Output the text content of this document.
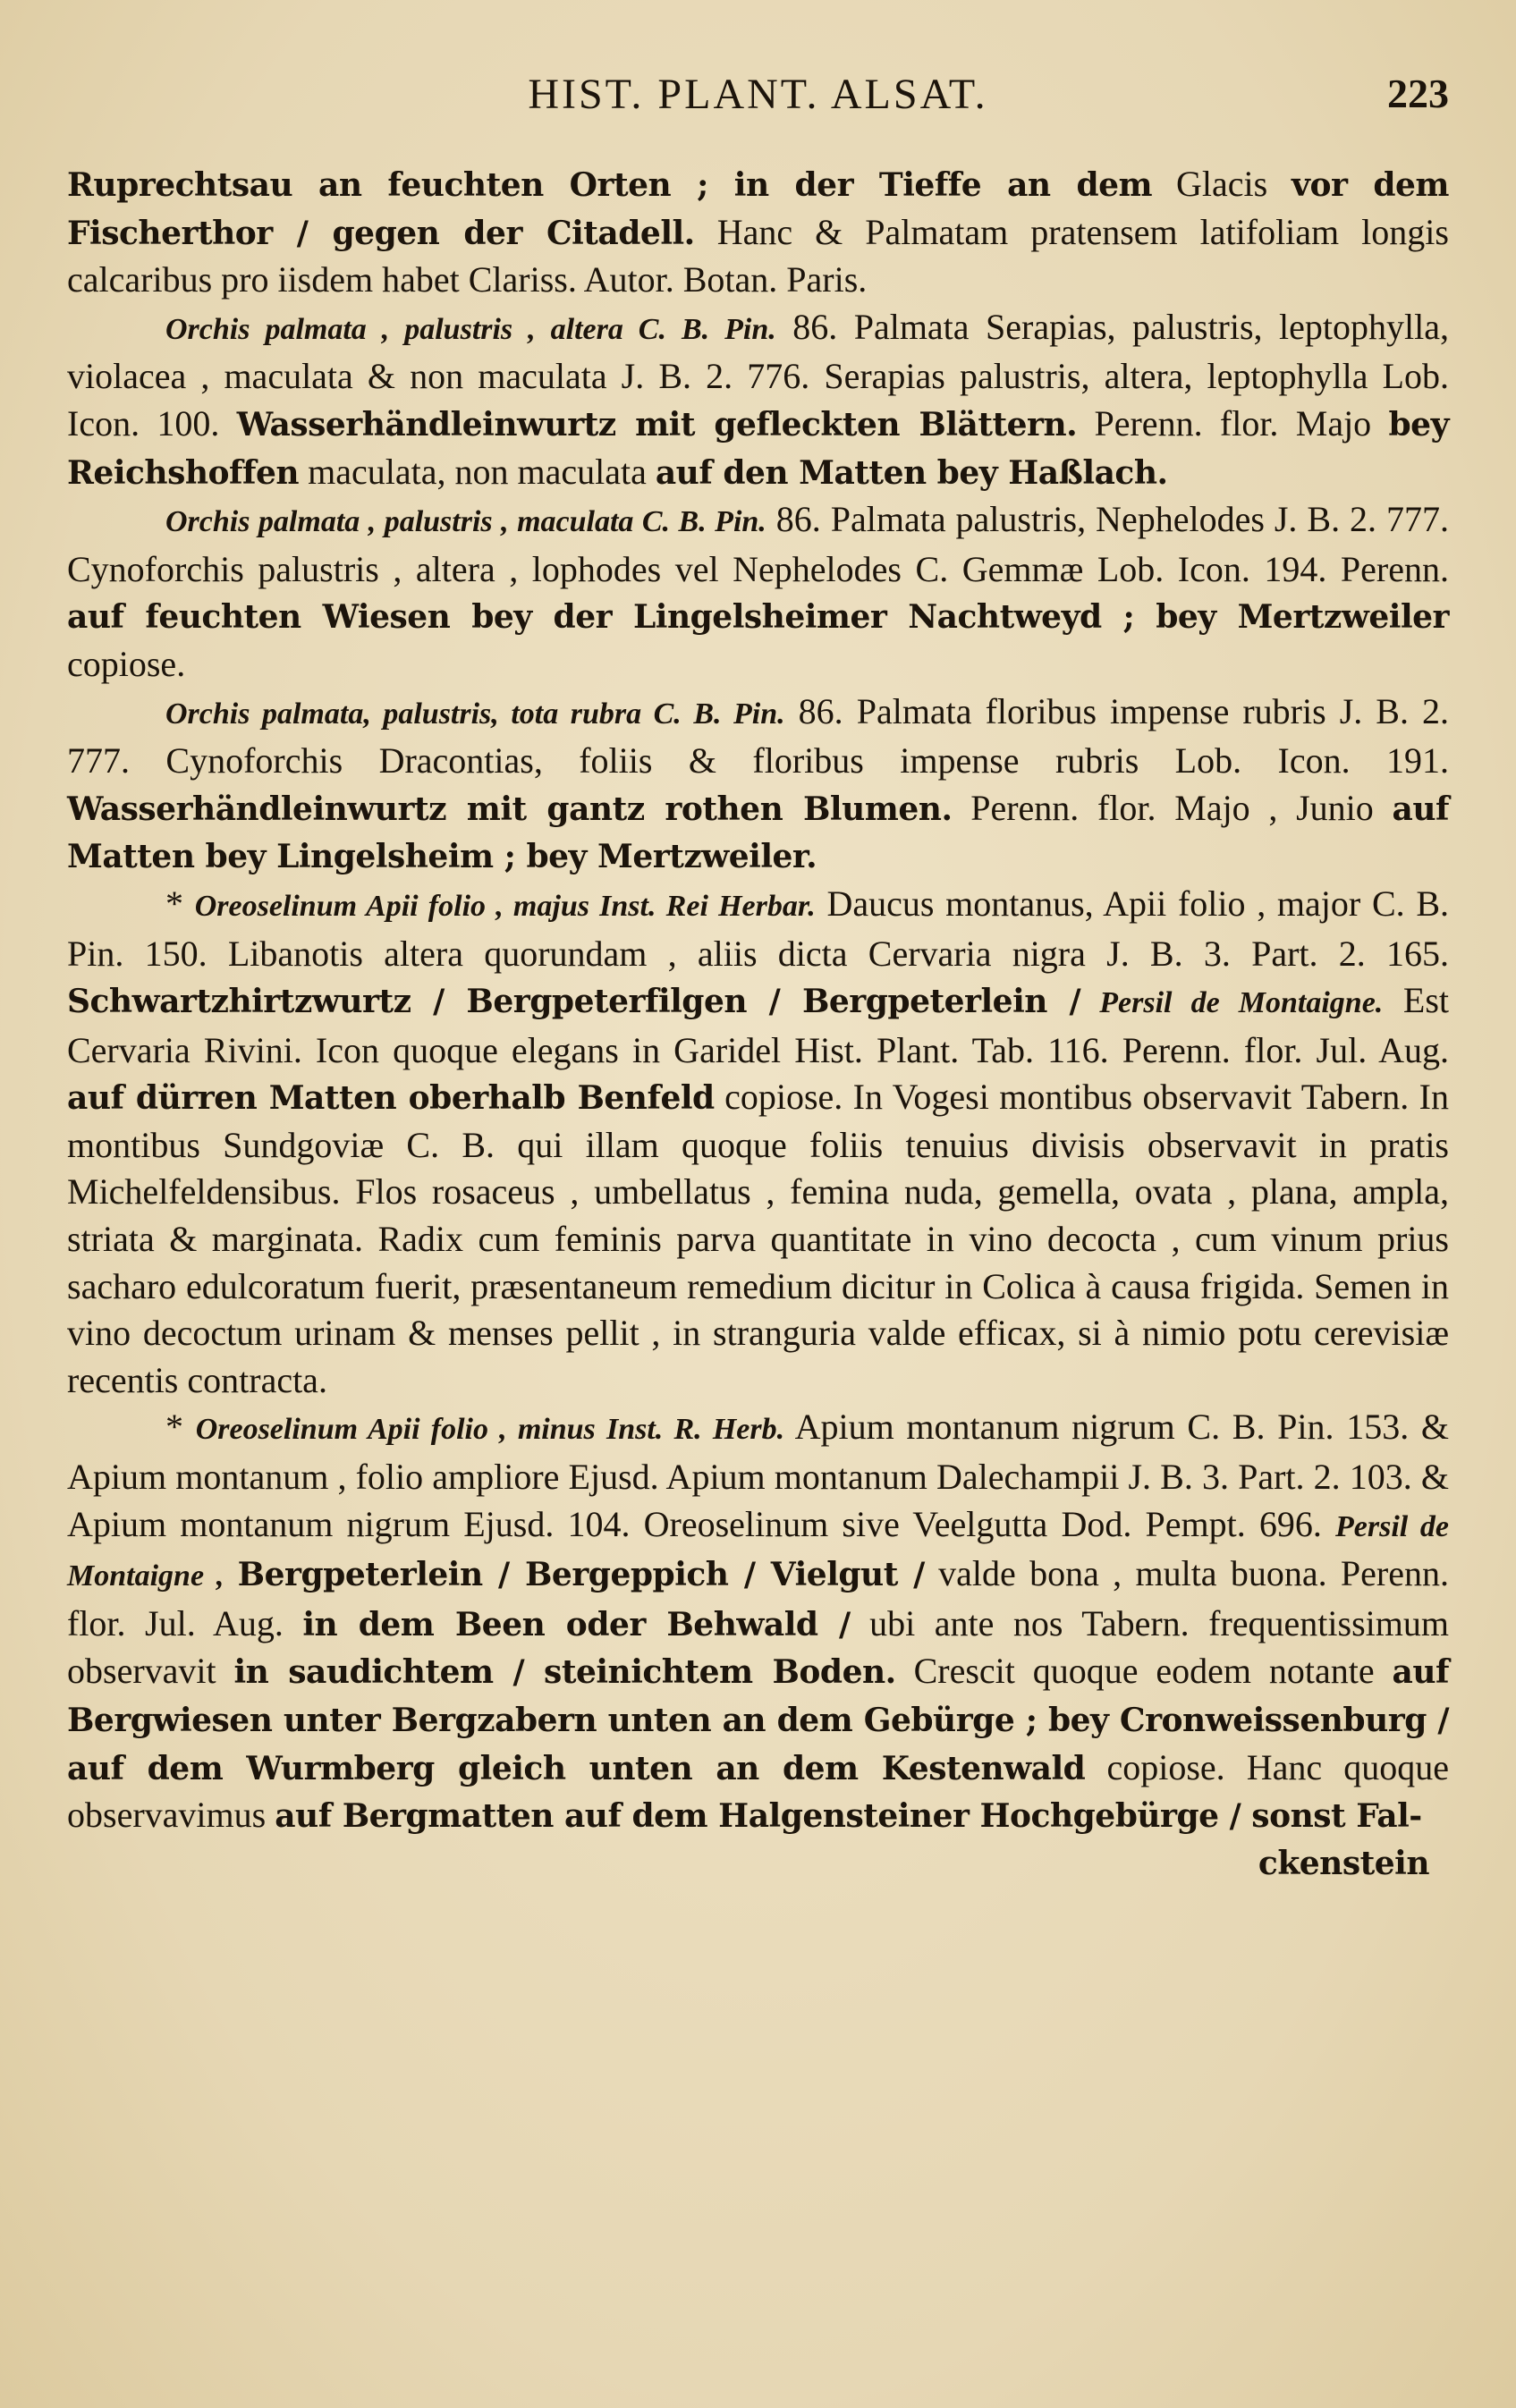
HIST. PLANT. ALSAT.	223

Ruprechtsau an feuchten Orten ; in der Tieffe an dem Glacis vor dem Fischerthor / gegen der Citadell. Hanc & Palmatam pratensem latifoliam longis calcaribus pro iisdem habet Clariss. Autor. Botan. Paris.

Orchis palmata , palustris , altera C. B. Pin. 86. Palmata Serapias, palustris, leptophylla, violacea , maculata & non maculata J. B. 2. 776. Serapias palustris, altera, leptophylla Lob. Icon. 100. Wasserhändleinwurtz mit gefleckten Blättern. Perenn. flor. Majo bey Reichshoffen maculata, non maculata auf den Matten bey Haßlach.

Orchis palmata , palustris , maculata C. B. Pin. 86. Palmata palustris, Nephelodes J. B. 2. 777. Cynoforchis palustris , altera , lophodes vel Nephelodes C. Gemmæ Lob. Icon. 194. Perenn. auf feuchten Wiesen bey der Lingelsheimer Nachtweyd ; bey Mertzweiler copiose.

Orchis palmata, palustris, tota rubra C. B. Pin. 86. Palmata floribus impense rubris J. B. 2. 777. Cynoforchis Dracontias, foliis & floribus impense rubris Lob. Icon. 191. Wasserhändleinwurtz mit gantz rothen Blumen. Perenn. flor. Majo , Junio auf Matten bey Lingelsheim ; bey Mertzweiler.

* Oreoselinum Apii folio , majus Inst. Rei Herbar. Daucus montanus, Apii folio , major C. B. Pin. 150. Libanotis altera quorundam , aliis dicta Cervaria nigra J. B. 3. Part. 2. 165. Schwartzhirtzwurtz / Bergpeterfilgen / Bergpeterlein / Persil de Montaigne. Est Cervaria Rivini. Icon quoque elegans in Garidel Hist. Plant. Tab. 116. Perenn. flor. Jul. Aug. auf dürren Matten oberhalb Benfeld copiose. In Vogesi montibus observavit Tabern. In montibus Sundgoviæ C. B. qui illam quoque foliis tenuius divisis observavit in pratis Michelfeldensibus. Flos rosaceus , umbellatus , femina nuda, gemella, ovata , plana, ampla, striata & marginata. Radix cum feminis parva quantitate in vino decocta , cum vinum prius sacharo edulcoratum fuerit, præsentaneum remedium dicitur in Colica à causa frigida. Semen in vino decoctum urinam & menses pellit , in stranguria valde efficax, si à nimio potu cerevisiæ recentis contracta.

* Oreoselinum Apii folio , minus Inst. R. Herb. Apium montanum nigrum C. B. Pin. 153. & Apium montanum , folio ampliore Ejusd. Apium montanum Dalechampii J. B. 3. Part. 2. 103. & Apium montanum nigrum Ejusd. 104. Oreoselinum sive Veelgutta Dod. Pempt. 696. Persil de Montaigne , Bergpeterlein / Bergeppich / Vielgut / valde bona , multa buona. Perenn. flor. Jul. Aug. in dem Been oder Behwald / ubi ante nos Tabern. frequentissimum observavit in saudichtem / steinichtem Boden. Crescit quoque eodem notante auf Bergwiesen unter Bergzabern unten an dem Gebürge ; bey Cronweissenburg / auf dem Wurmberg gleich unten an dem Kestenwald copiose. Hanc quoque observavimus auf Bergmatten auf dem Halgensteiner Hochgebürge / sonst Fal-

ckenstein
